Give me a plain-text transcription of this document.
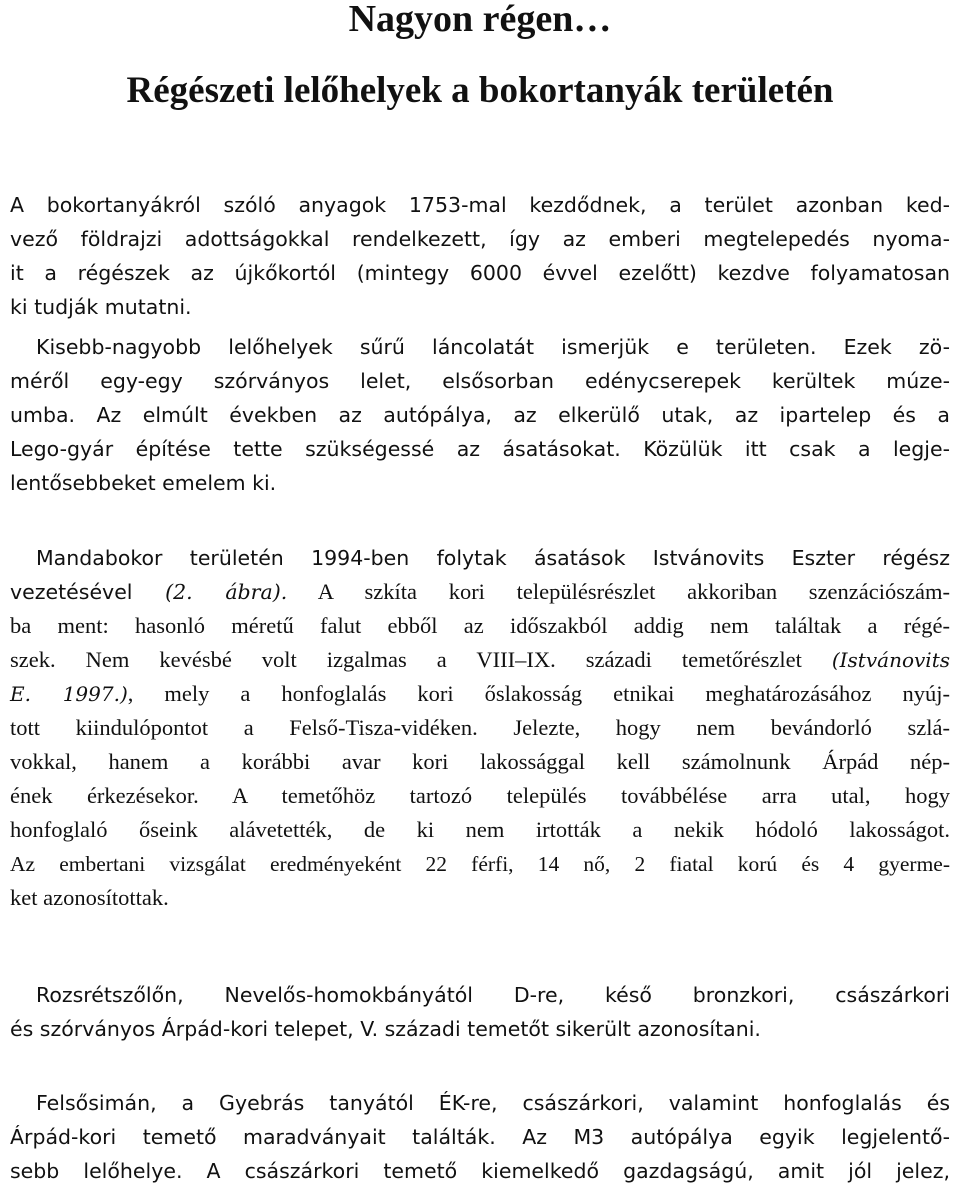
Nagyon régen…
Régészeti lelőhelyek a bokortanyák területén
A bokortanyákról szóló anyagok 1753-mal kezdődnek, a terület azonban ked-
vező földrajzi adottságokkal rendelkezett, így az emberi megtelepedés nyoma-
it a régészek az újkőkortól (mintegy 6000 évvel ezelőtt) kezdve folyamatosan
ki tudják mutatni.
Kisebb-nagyobb lelőhelyek sűrű láncolatát ismerjük e területen. Ezek zö-
méről egy-egy szórványos lelet, elsősorban edénycserepek kerültek múze-
umba. Az elmúlt években az autópálya, az elkerülő utak, az ipartelep és a
Lego-gyár építése tette szükségessé az ásatásokat. Közülük itt csak a legje-
lentősebbeket emelem ki.
Mandabokor területén 1994-ben folytak ásatások Istvánovits Eszter régész
vezetésével (2. ábra). A szkíta kori településrészlet akkoriban szenzációszám-
ba ment: hasonló méretű falut ebből az időszakból addig nem találtak a régé-
szek. Nem kevésbé volt izgalmas a VIII–IX. századi temetőrészlet (Istvánovits
E. 1997.), mely a honfoglalás kori őslakosság etnikai meghatározásához nyúj-
tott kiindulópontot a Felső-Tisza-vidéken. Jelezte, hogy nem bevándorló szlá-
vokkal, hanem a korábbi avar kori lakossággal kell számolnunk Árpád nép-
ének érkezésekor. A temetőhöz tartozó település továbbélése arra utal, hogy
honfoglaló őseink alávetették, de ki nem irtották a nekik hódoló lakosságot.
Az embertani vizsgálat eredményeként 22 férfi, 14 nő, 2 fiatal korú és 4 gyerme-
ket azonosítottak.
Rozsrétszőlőn, Nevelős-homokbányától D-re, késő bronzkori, császárkori
és szórványos Árpád-kori telepet, V. századi temetőt sikerült azonosítani.
Felsősimán, a Gyebrás tanyától ÉK-re, császárkori, valamint honfoglalás és
Árpád-kori temető maradványait találták. Az M3 autópálya egyik legjelentő-
sebb lelőhelye. A császárkori temető kiemelkedő gazdagságú, amit jól jelez,
